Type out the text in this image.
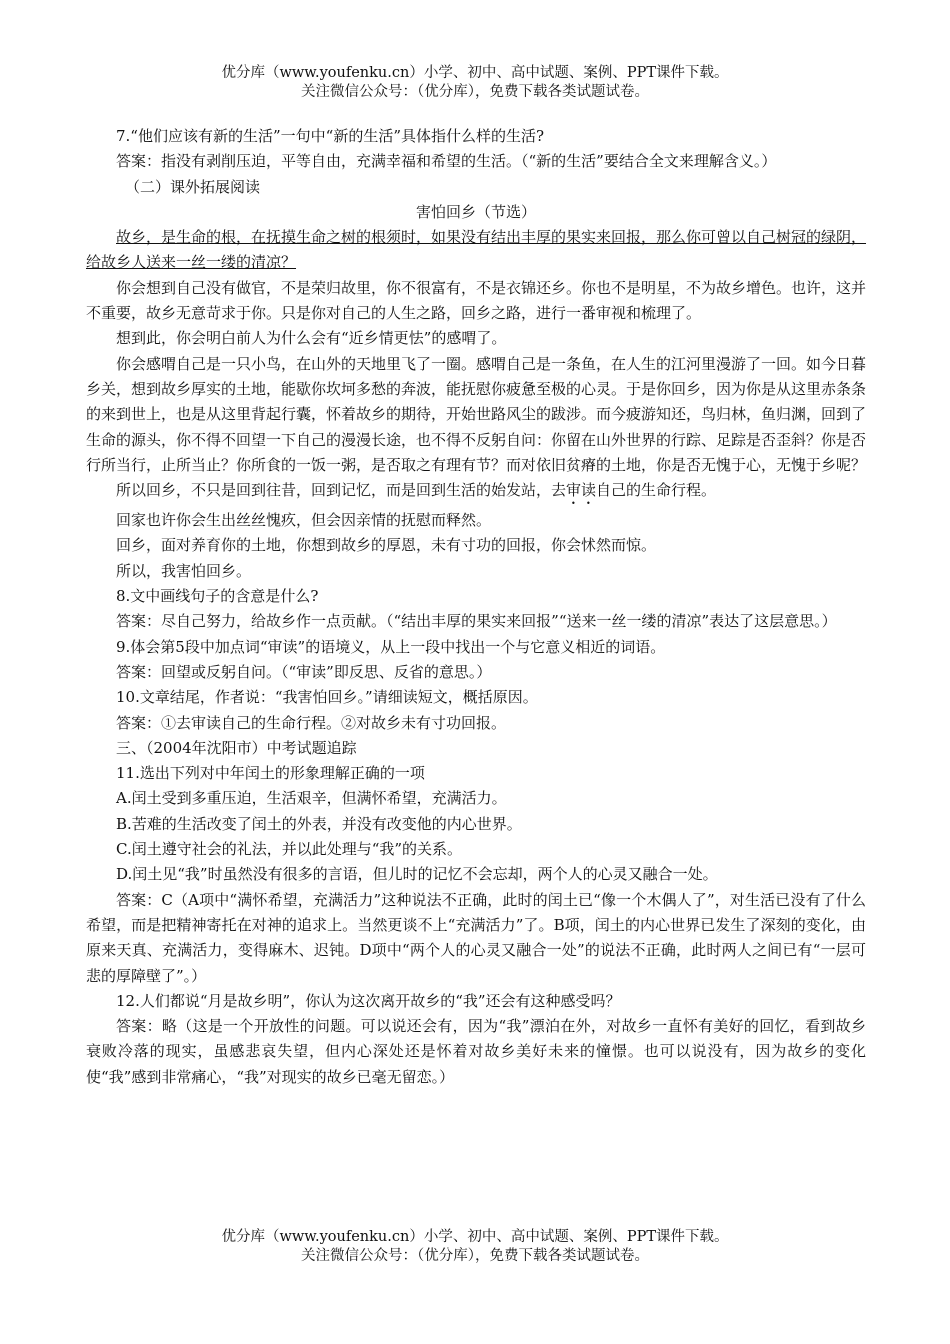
优分库（www.youfenku.cn）小学、初中、高中试题、案例、PPT课件下载。
关注微信公众号：（优分库），免费下载各类试题试卷。

7.“他们应该有新的生活”一句中“新的生活”具体指什么样的生活?

答案：指没有剥削压迫，平等自由，充满幸福和希望的生活。（“新的生活”要结合全文来理解含义。）

（二）课外拓展阅读

害怕回乡（节选）

故乡，是生命的根，在抚摸生命之树的根须时，如果没有结出丰厚的果实来回报，那么你可曾以自己树冠的绿阴，给故乡人送来一丝一缕的清凉？

你会想到自己没有做官，不是荣归故里，你不很富有，不是衣锦还乡。你也不是明星，不为故乡增色。也许，这并不重要，故乡无意苛求于你。只是你对自己的人生之路，回乡之路，进行一番审视和梳理了。

想到此，你会明白前人为什么会有“近乡情更怯”的感喟了。

你会感喟自己是一只小鸟，在山外的天地里飞了一圈。感喟自己是一条鱼，在人生的江河里漫游了一回。如今日暮乡关，想到故乡厚实的土地，能歇你坎坷多愁的奔波，能抚慰你疲惫至极的心灵。于是你回乡，因为你是从这里赤条条的来到世上，也是从这里背起行囊，怀着故乡的期待，开始世路风尘的跋涉。而今疲游知还，鸟归林，鱼归渊，回到了生命的源头，你不得不回望一下自己的漫漫长途，也不得不反躬自问：你留在山外世界的行踪、足踪是否歪斜？你是否行所当行，止所当止？你所食的一饭一粥，是否取之有理有节？而对依旧贫瘠的土地，你是否无愧于心，无愧于乡呢？

所以回乡，不只是回到往昔，回到记忆，而是回到生活的始发站，去审读自己的生命行程。

回家也许你会生出丝丝愧疚，但会因亲情的抚慰而释然。

回乡，面对养育你的土地，你想到故乡的厚恩，未有寸功的回报，你会怵然而惊。

所以，我害怕回乡。

8.文中画线句子的含意是什么?

答案：尽自己努力，给故乡作一点贡献。（“结出丰厚的果实来回报”“送来一丝一缕的清凉”表达了这层意思。）

9.体会第5段中加点词“审读”的语境义，从上一段中找出一个与它意义相近的词语。

答案：回望或反躬自问。（“审读”即反思、反省的意思。）

10.文章结尾，作者说：“我害怕回乡。”请细读短文，概括原因。

答案：①去审读自己的生命行程。②对故乡未有寸功回报。

三、（2004年沈阳市）中考试题追踪

11.选出下列对中年闰土的形象理解正确的一项

A.闰土受到多重压迫，生活艰辛，但满怀希望，充满活力。

B.苦难的生活改变了闰土的外表，并没有改变他的内心世界。

C.闰土遵守社会的礼法，并以此处理与“我”的关系。

D.闰土见“我”时虽然没有很多的言语，但儿时的记忆不会忘却，两个人的心灵又融合一处。

答案：C（A项中“满怀希望，充满活力”这种说法不正确，此时的闰土已“像一个木偶人了”，对生活已没有了什么希望，而是把精神寄托在对神的追求上。当然更谈不上“充满活力”了。B项，闰土的内心世界已发生了深刻的变化，由原来天真、充满活力，变得麻木、迟钝。D项中“两个人的心灵又融合一处”的说法不正确，此时两人之间已有“一层可悲的厚障壁了”。）

12.人们都说“月是故乡明”，你认为这次离开故乡的“我”还会有这种感受吗？

答案：略（这是一个开放性的问题。可以说还会有，因为“我”漂泊在外，对故乡一直怀有美好的回忆，看到故乡衰败冷落的现实，虽感悲哀失望，但内心深处还是怀着对故乡美好未来的憧憬。也可以说没有，因为故乡的变化使“我”感到非常痛心，“我”对现实的故乡已毫无留恋。）

优分库（www.youfenku.cn）小学、初中、高中试题、案例、PPT课件下载。
关注微信公众号：（优分库），免费下载各类试题试卷。
